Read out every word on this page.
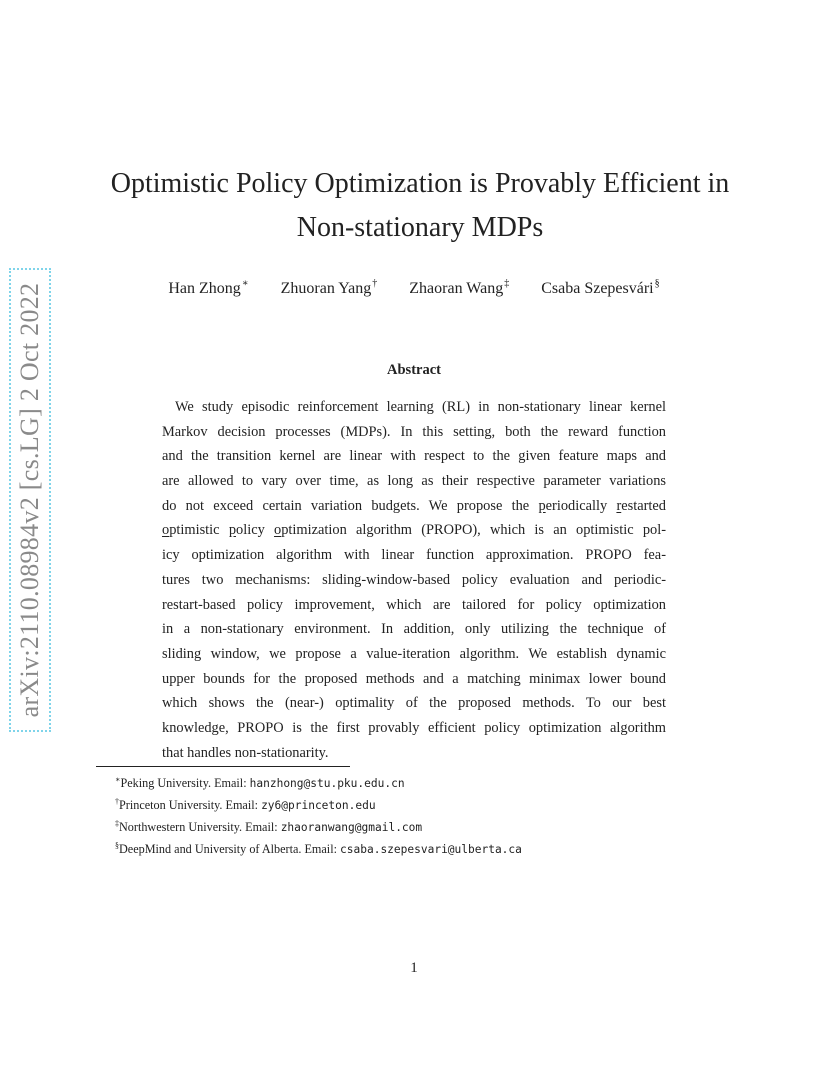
arXiv:2110.08984v2 [cs.LG] 2 Oct 2022
Optimistic Policy Optimization is Provably Efficient in
Non-stationary MDPs
Han Zhong∗ Zhuoran Yang† Zhaoran Wang‡ Csaba Szepesvári§
Abstract
We study episodic reinforcement learning (RL) in non-stationary linear kernel
Markov decision processes (MDPs). In this setting, both the reward function
and the transition kernel are linear with respect to the given feature maps and
are allowed to vary over time, as long as their respective parameter variations
do not exceed certain variation budgets. We propose the periodically restarted
optimistic policy optimization algorithm (PROPO), which is an optimistic pol-
icy optimization algorithm with linear function approximation. PROPO fea-
tures two mechanisms: sliding-window-based policy evaluation and periodic-
restart-based policy improvement, which are tailored for policy optimization
in a non-stationary environment. In addition, only utilizing the technique of
sliding window, we propose a value-iteration algorithm. We establish dynamic
upper bounds for the proposed methods and a matching minimax lower bound
which shows the (near-) optimality of the proposed methods. To our best
knowledge, PROPO is the first provably efficient policy optimization algorithm
that handles non-stationarity.
∗Peking University. Email: hanzhong@stu.pku.edu.cn
†Princeton University. Email: zy6@princeton.edu
‡Northwestern University. Email: zhaoranwang@gmail.com
§DeepMind and University of Alberta. Email: csaba.szepesvari@ulberta.ca
1
